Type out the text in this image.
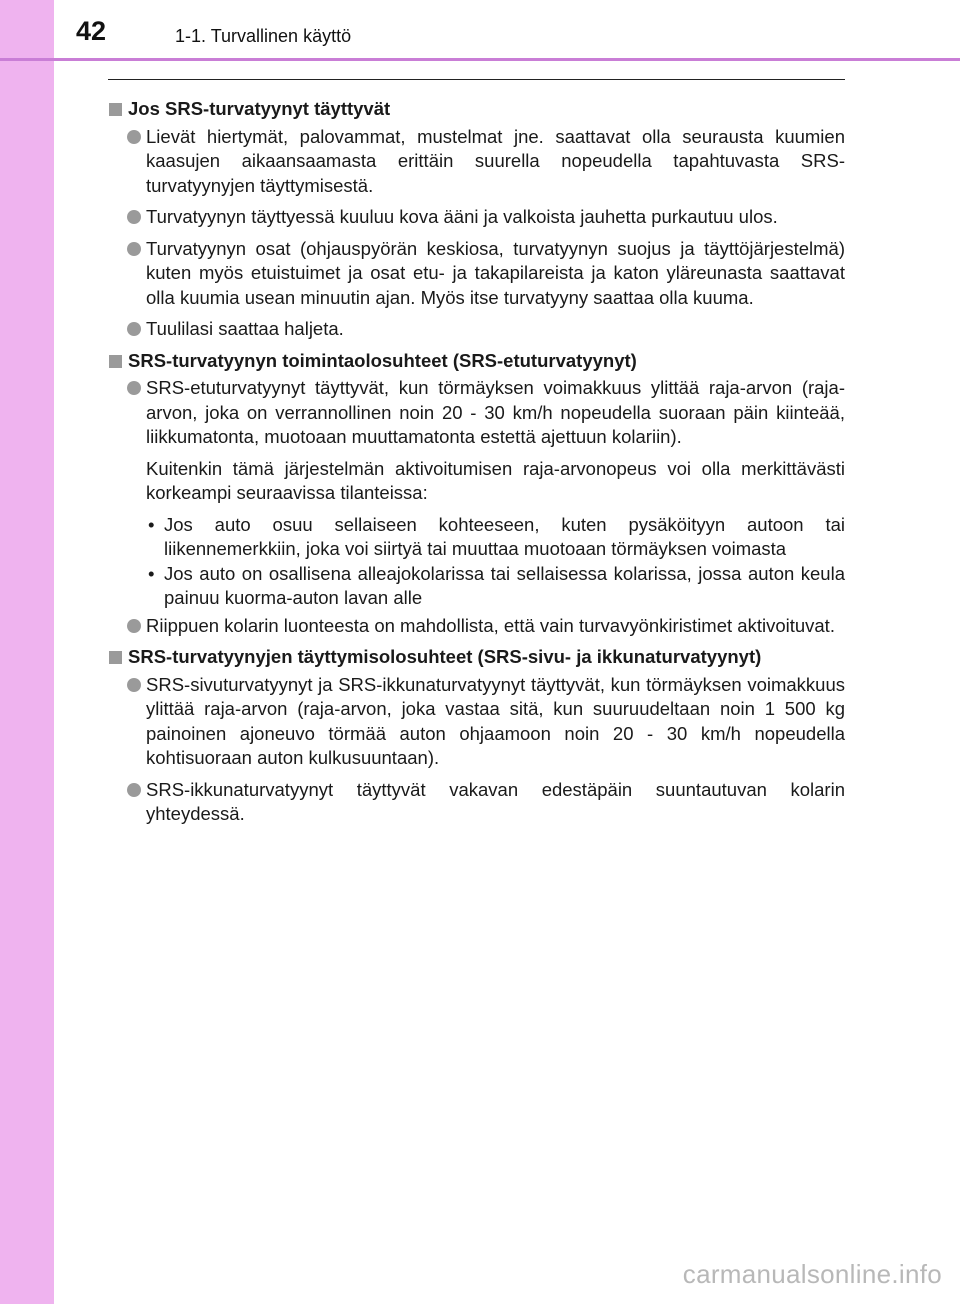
42	1-1. Turvallinen käyttö
Jos SRS-turvatyynyt täyttyvät
Lievät hiertymät, palovammat, mustelmat jne. saattavat olla seurausta kuumien kaasujen aikaansaamasta erittäin suurella nopeudella tapahtuvasta SRS-turvatyynyjen täyttymisestä.
Turvatyynyn täyttyessä kuuluu kova ääni ja valkoista jauhetta purkautuu ulos.
Turvatyynyn osat (ohjauspyörän keskiosa, turvatyynyn suojus ja täyttöjärjestelmä) kuten myös etuistuimet ja osat etu- ja takapilareista ja katon yläreunasta saattavat olla kuumia usean minuutin ajan. Myös itse turvatyyny saattaa olla kuuma.
Tuulilasi saattaa haljeta.
SRS-turvatyynyn toimintaolosuhteet (SRS-etuturvatyynyt)
SRS-etuturvatyynyt täyttyvät, kun törmäyksen voimakkuus ylittää raja-arvon (raja-arvon, joka on verrannollinen noin 20 - 30 km/h nopeudella suoraan päin kiinteää, liikkumatonta, muotoaan muuttamatonta estettä ajettuun kolariin).
Kuitenkin tämä järjestelmän aktivoitumisen raja-arvonopeus voi olla merkittävästi korkeampi seuraavissa tilanteissa:
• Jos auto osuu sellaiseen kohteeseen, kuten pysäköityyn autoon tai liikennemerkkiin, joka voi siirtyä tai muuttaa muotoaan törmäyksen voimasta
• Jos auto on osallisena alleajokolarissa tai sellaisessa kolarissa, jossa auton keula painuu kuorma-auton lavan alle
Riippuen kolarin luonteesta on mahdollista, että vain turvavyönkiristimet aktivoituvat.
SRS-turvatyynyjen täyttymisolosuhteet (SRS-sivu- ja ikkunaturvatyynyt)
SRS-sivuturvatyynyt ja SRS-ikkunaturvatyynyt täyttyvät, kun törmäyksen voimakkuus ylittää raja-arvon (raja-arvon, joka vastaa sitä, kun suuruudeltaan noin 1 500 kg painoinen ajoneuvo törmää auton ohjaamoon noin 20 - 30 km/h nopeudella kohtisuoraan auton kulkusuuntaan).
SRS-ikkunaturvatyynyt täyttyvät vakavan edestäpäin suuntautuvan kolarin yhteydessä.
carmanualsonline.info
